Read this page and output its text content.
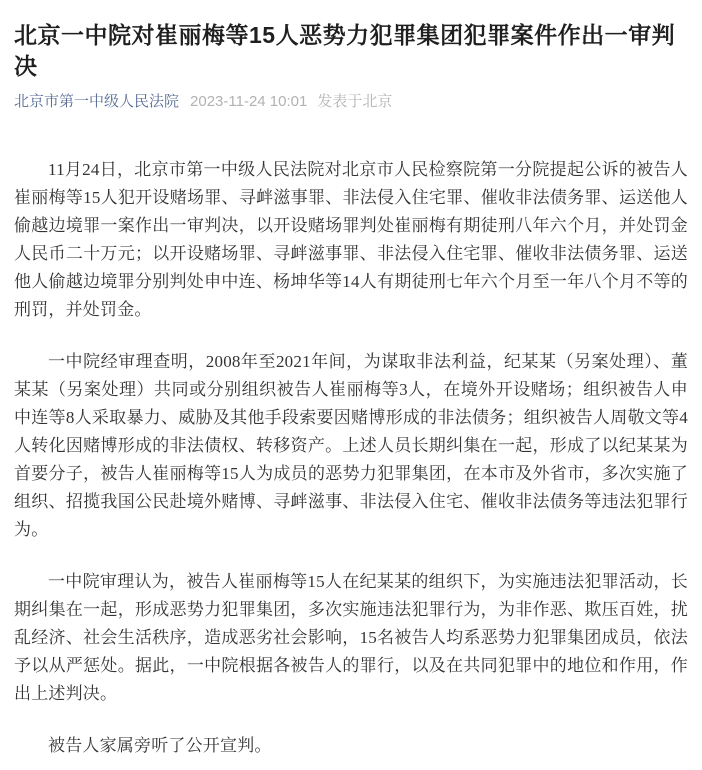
北京一中院对崔丽梅等15人恶势力犯罪集团犯罪案件作出一审判决
北京市第一中级人民法院 2023-11-24 10:01 发表于北京

11月24日，北京市第一中级人民法院对北京市人民检察院第一分院提起公诉的被告人崔丽梅等15人犯开设赌场罪、寻衅滋事罪、非法侵入住宅罪、催收非法债务罪、运送他人偷越边境罪一案作出一审判决，以开设赌场罪判处崔丽梅有期徒刑八年六个月，并处罚金人民币二十万元；以开设赌场罪、寻衅滋事罪、非法侵入住宅罪、催收非法债务罪、运送他人偷越边境罪分别判处申中连、杨坤华等14人有期徒刑七年六个月至一年八个月不等的刑罚，并处罚金。

一中院经审理查明，2008年至2021年间，为谋取非法利益，纪某某（另案处理）、董某某（另案处理）共同或分别组织被告人崔丽梅等3人，在境外开设赌场；组织被告人申中连等8人采取暴力、威胁及其他手段索要因赌博形成的非法债务；组织被告人周敬文等4人转化因赌博形成的非法债权、转移资产。上述人员长期纠集在一起，形成了以纪某某为首要分子，被告人崔丽梅等15人为成员的恶势力犯罪集团，在本市及外省市，多次实施了组织、招揽我国公民赴境外赌博、寻衅滋事、非法侵入住宅、催收非法债务等违法犯罪行为。

一中院审理认为，被告人崔丽梅等15人在纪某某的组织下，为实施违法犯罪活动，长期纠集在一起，形成恶势力犯罪集团，多次实施违法犯罪行为，为非作恶、欺压百姓，扰乱经济、社会生活秩序，造成恶劣社会影响，15名被告人均系恶势力犯罪集团成员，依法予以从严惩处。据此，一中院根据各被告人的罪行，以及在共同犯罪中的地位和作用，作出上述判决。

被告人家属旁听了公开宣判。
